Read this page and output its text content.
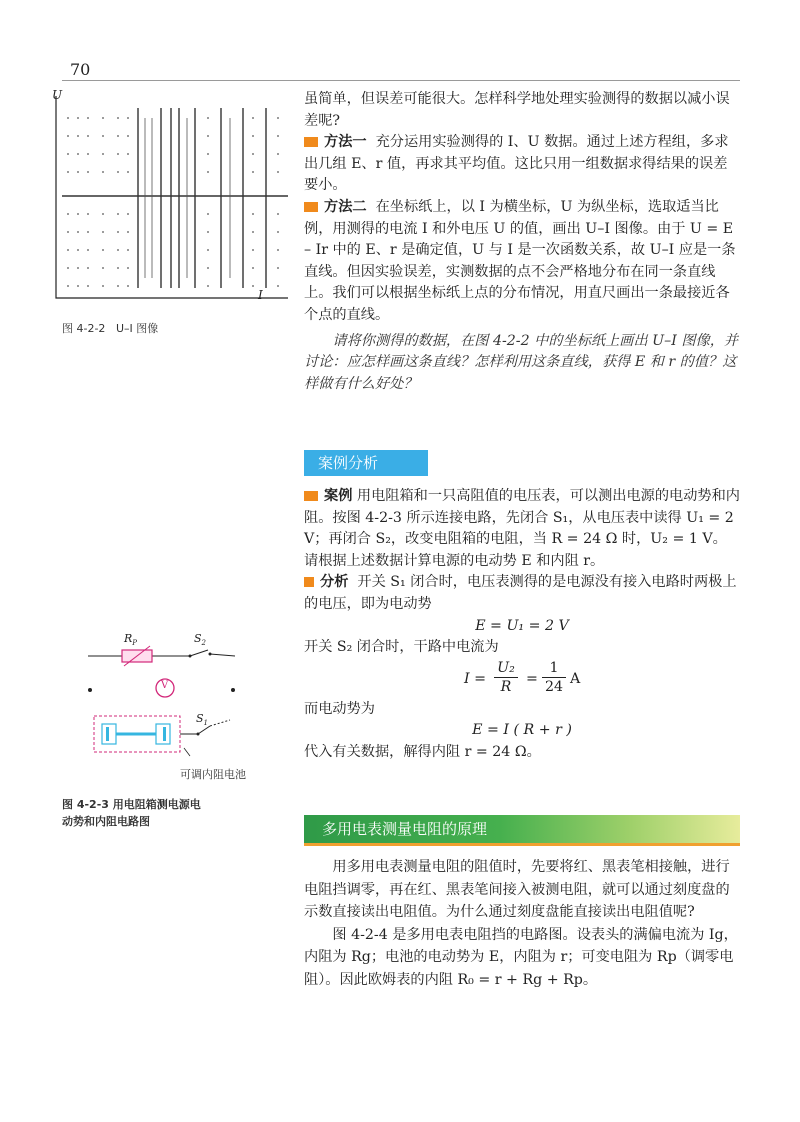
70
U
I
图 4-2-2 U–I 图像
$R_P$	$S_2$
V
$S_1$
可调内阻电池
图 4-2-3 用电阻箱测电源电
动势和内阻电路图

虽简单，但误差可能很大。怎样科学地处理实验测得的数据以减小误差呢?

方法一 充分运用实验测得的 I、U 数据。通过上述方程组，多求出几组 E、r 值，再求其平均值。这比只用一组数据求得结果的误差要小。

方法二 在坐标纸上，以 I 为横坐标，U 为纵坐标，选取适当比例，用测得的电流 I 和外电压 U 的值，画出 U–I 图像。由于 U = E – Ir 中的 E、r 是确定值，U 与 I 是一次函数关系，故 U–I 应是一条直线。但因实验误差，实测数据的点不会严格地分布在同一条直线上。我们可以根据坐标纸上点的分布情况，用直尺画出一条最接近各个点的直线。

请将你测得的数据，在图 4-2-2 中的坐标纸上画出 U–I 图像，并讨论：应怎样画这条直线？怎样利用这条直线，获得 E 和 r 的值？这样做有什么好处？

案例分析

案例 用电阻箱和一只高阻值的电压表，可以测出电源的电动势和内阻。按图 4-2-3 所示连接电路，先闭合 S₁，从电压表中读得 U₁ = 2 V；再闭合 S₂，改变电阻箱的电阻，当 R = 24 Ω 时，U₂ = 1 V。请根据上述数据计算电源的电动势 E 和内阻 r。

分析 开关 S₁ 闭合时，电压表测得的是电源没有接入电路时两极上的电压，即为电动势

E = U₁ = 2 V

开关 S₂ 闭合时，干路中电流为

I =
U₂
R	=
1
24 A

而电动势为

E = I ( R + r )

代入有关数据，解得内阻 r = 24 Ω。

多用电表测量电阻的原理

用多用电表测量电阻的阻值时，先要将红、黑表笔相接触，进行电阻挡调零，再在红、黑表笔间接入被测电阻，就可以通过刻度盘的示数直接读出电阻值。为什么通过刻度盘能直接读出电阻值呢?

图 4-2-4 是多用电表电阻挡的电路图。设表头的满偏电流为 Ig，内阻为 Rg；电池的电动势为 E，内阻为 r；可变电阻为 Rp（调零电阻）。因此欧姆表的内阻 R₀ = r + Rg + Rp。
